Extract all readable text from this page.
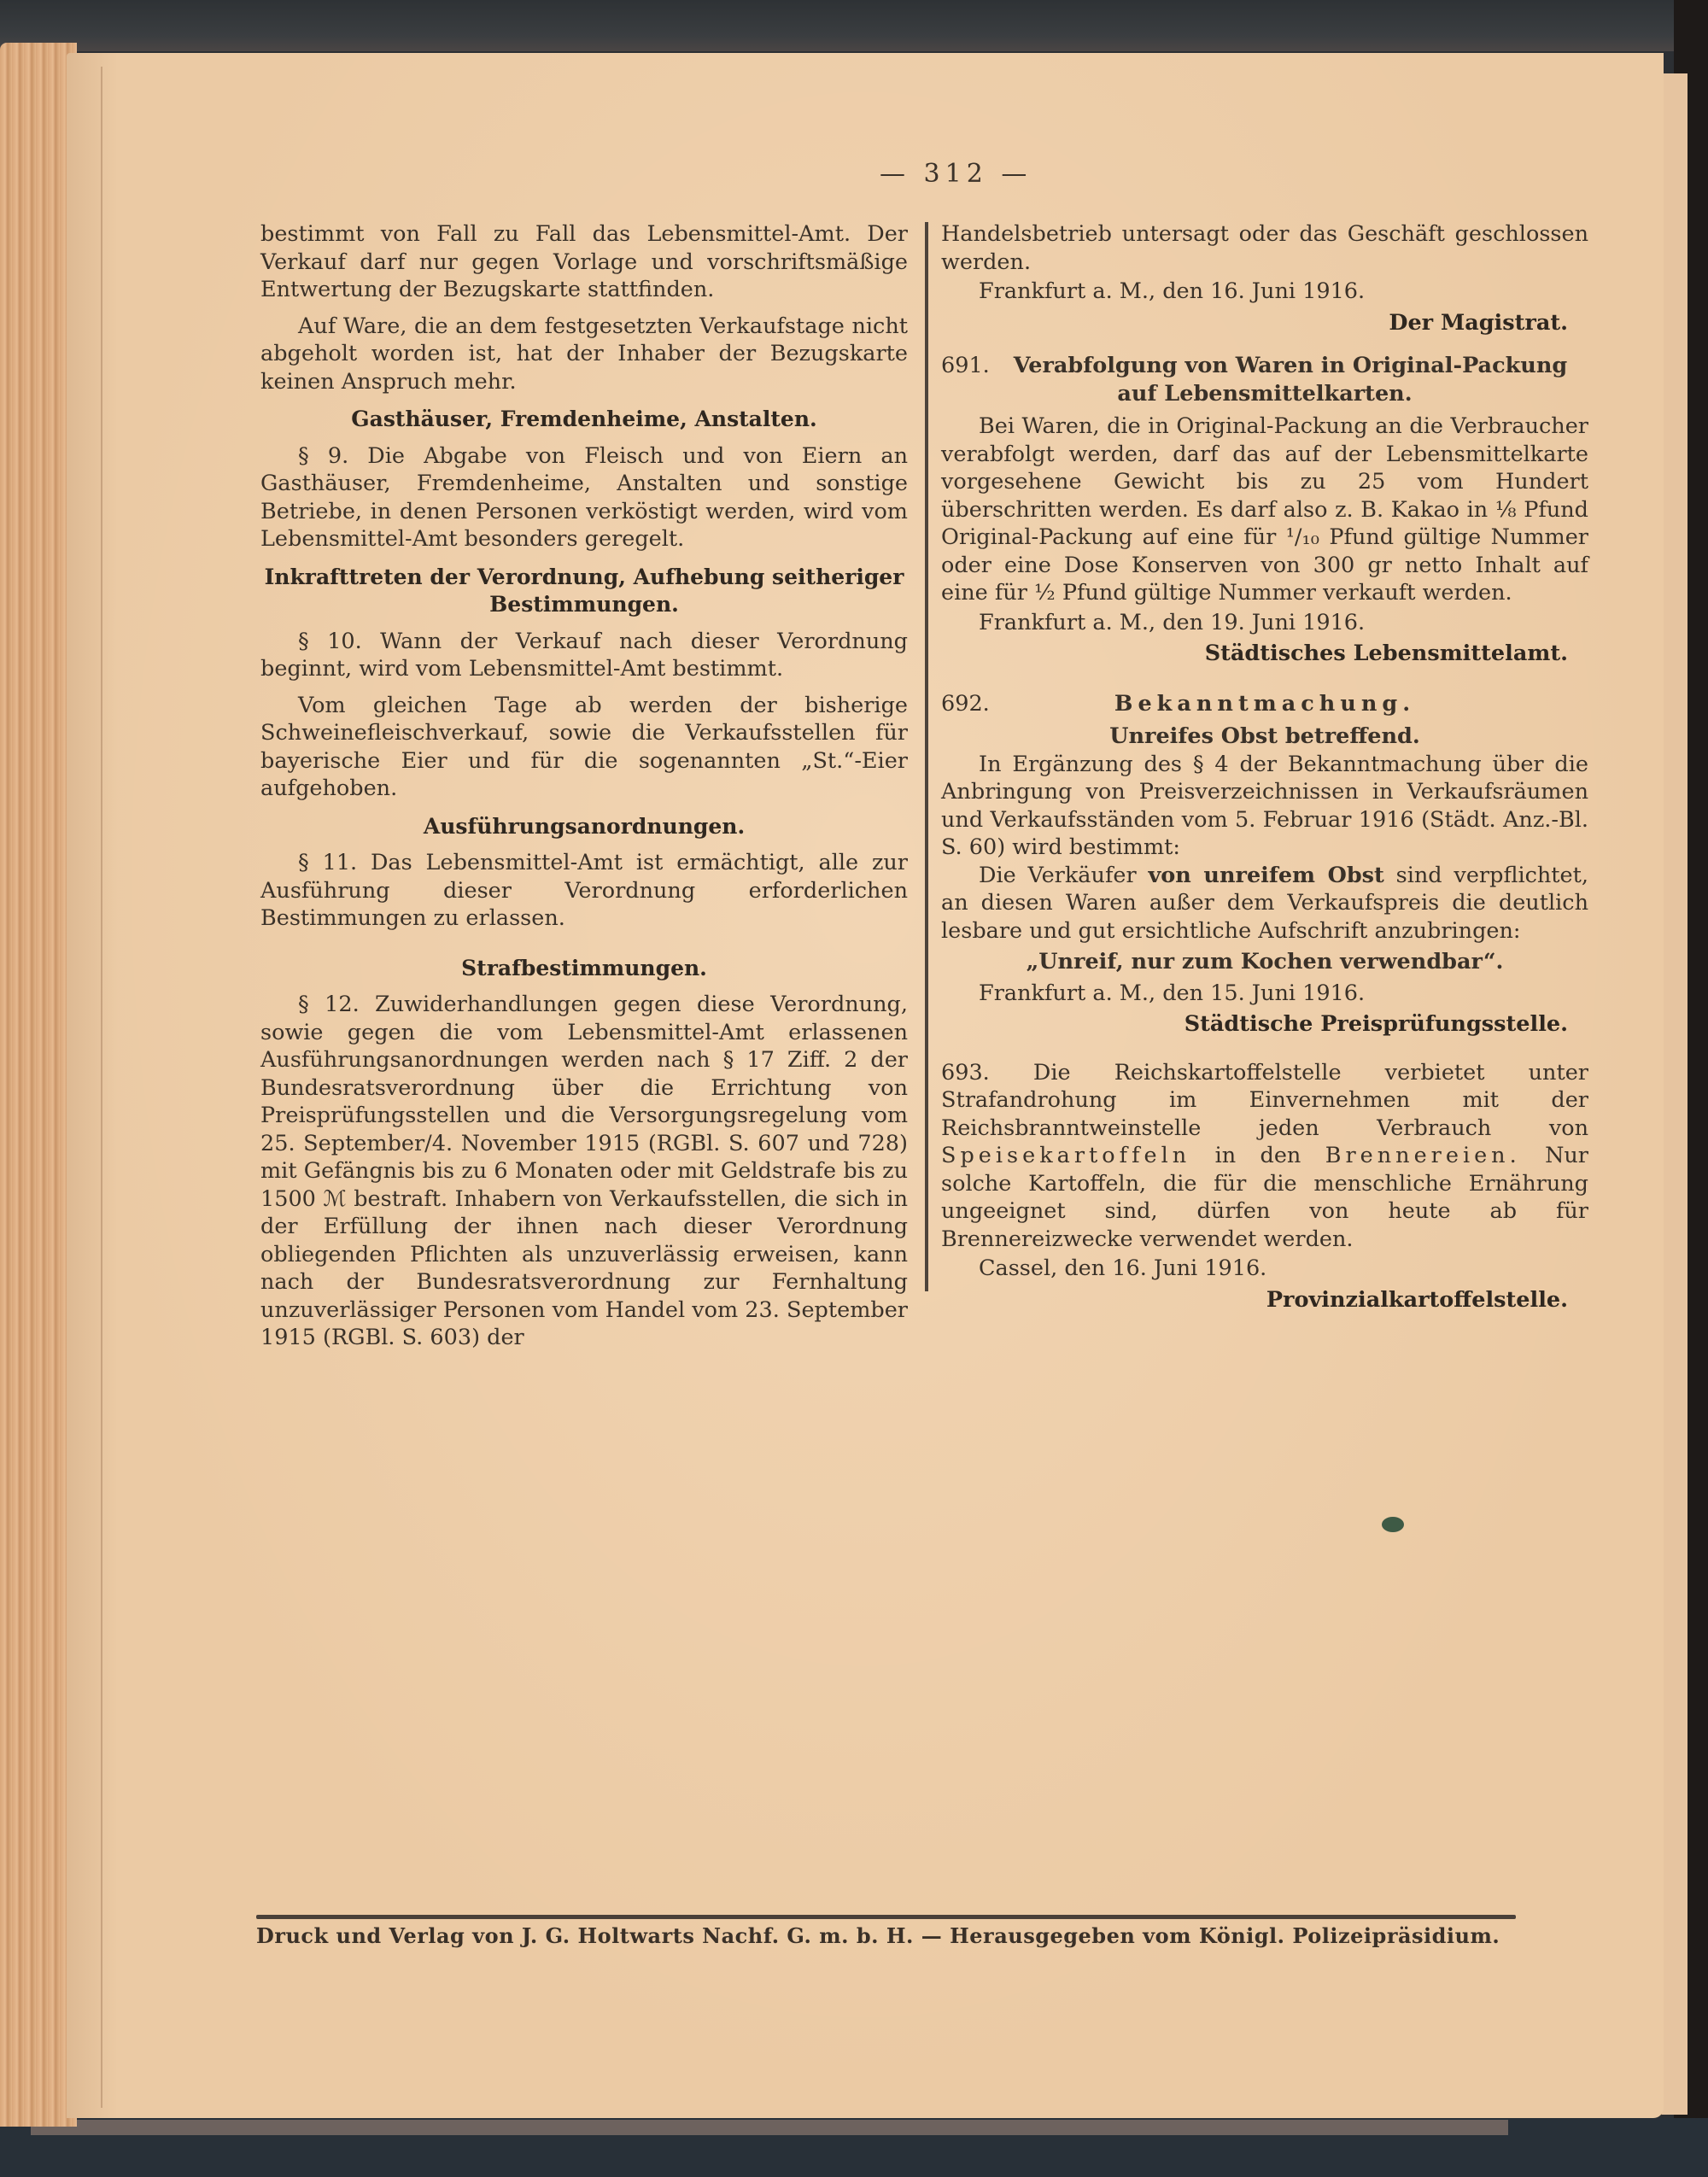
— 312 —

bestimmt von Fall zu Fall das Lebensmittel-Amt. Der Verkauf darf nur gegen Vorlage und vorschriftsmäßige Entwertung der Bezugskarte stattfinden.

Auf Ware, die an dem festgesetzten Verkaufstage nicht abgeholt worden ist, hat der Inhaber der Bezugskarte keinen Anspruch mehr.

Gasthäuser, Fremdenheime, Anstalten.

§ 9. Die Abgabe von Fleisch und von Eiern an Gasthäuser, Fremdenheime, Anstalten und sonstige Betriebe, in denen Personen verköstigt werden, wird vom Lebensmittel-Amt besonders geregelt.

Inkrafttreten der Verordnung, Aufhebung seitheriger Bestimmungen.

§ 10. Wann der Verkauf nach dieser Verordnung beginnt, wird vom Lebensmittel-Amt bestimmt.

Vom gleichen Tage ab werden der bisherige Schweinefleischverkauf, sowie die Verkaufsstellen für bayerische Eier und für die sogenannten „St.“-Eier aufgehoben.

Ausführungsanordnungen.

§ 11. Das Lebensmittel-Amt ist ermächtigt, alle zur Ausführung dieser Verordnung erforderlichen Bestimmungen zu erlassen.

Strafbestimmungen.

§ 12. Zuwiderhandlungen gegen diese Verordnung, sowie gegen die vom Lebensmittel-Amt erlassenen Ausführungsanordnungen werden nach § 17 Ziff. 2 der Bundesratsverordnung über die Errichtung von Preisprüfungsstellen und die Versorgungsregelung vom 25. September/4. November 1915 (RGBl. S. 607 und 728) mit Gefängnis bis zu 6 Monaten oder mit Geldstrafe bis zu 1500 ℳ bestraft. Inhabern von Verkaufsstellen, die sich in der Erfüllung der ihnen nach dieser Verordnung obliegenden Pflichten als unzuverlässig erweisen, kann nach der Bundesratsverordnung zur Fernhaltung unzuverlässiger Personen vom Handel vom 23. September 1915 (RGBl. S. 603) der

Handelsbetrieb untersagt oder das Geschäft geschlossen werden.

Frankfurt a. M., den 16. Juni 1916.

Der Magistrat.
691. Verabfolgung von Waren in Original-Packung
auf Lebensmittelkarten.

Bei Waren, die in Original-Packung an die Verbraucher verabfolgt werden, darf das auf der Lebensmittelkarte vorgesehene Gewicht bis zu 25 vom Hundert überschritten werden. Es darf also z. B. Kakao in ⅛ Pfund Original-Packung auf eine für ¹/₁₀ Pfund gültige Nummer oder eine Dose Konserven von 300 gr netto Inhalt auf eine für ½ Pfund gültige Nummer verkauft werden.

Frankfurt a. M., den 19. Juni 1916.

Städtisches Lebensmittelamt.
692.	Bekanntmachung.
Unreifes Obst betreffend.

In Ergänzung des § 4 der Bekanntmachung über die Anbringung von Preisverzeichnissen in Verkaufsräumen und Verkaufsständen vom 5. Februar 1916 (Städt. Anz.-Bl. S. 60) wird bestimmt:

Die Verkäufer von unreifem Obst sind verpflichtet, an diesen Waren außer dem Verkaufspreis die deutlich lesbare und gut ersichtliche Aufschrift anzubringen:

„Unreif, nur zum Kochen verwendbar“.

Frankfurt a. M., den 15. Juni 1916.

Städtische Preisprüfungsstelle.

693. Die Reichskartoffelstelle verbietet unter Strafandrohung im Einvernehmen mit der Reichsbranntweinstelle jeden Verbrauch von Speisekartoffeln in den Brennereien. Nur solche Kartoffeln, die für die menschliche Ernährung ungeeignet sind, dürfen von heute ab für Brennereizwecke verwendet werden.

Cassel, den 16. Juni 1916.

Provinzialkartoffelstelle.
Druck und Verlag von J. G. Holtwarts Nachf. G. m. b. H. — Herausgegeben vom Königl. Polizeipräsidium.
